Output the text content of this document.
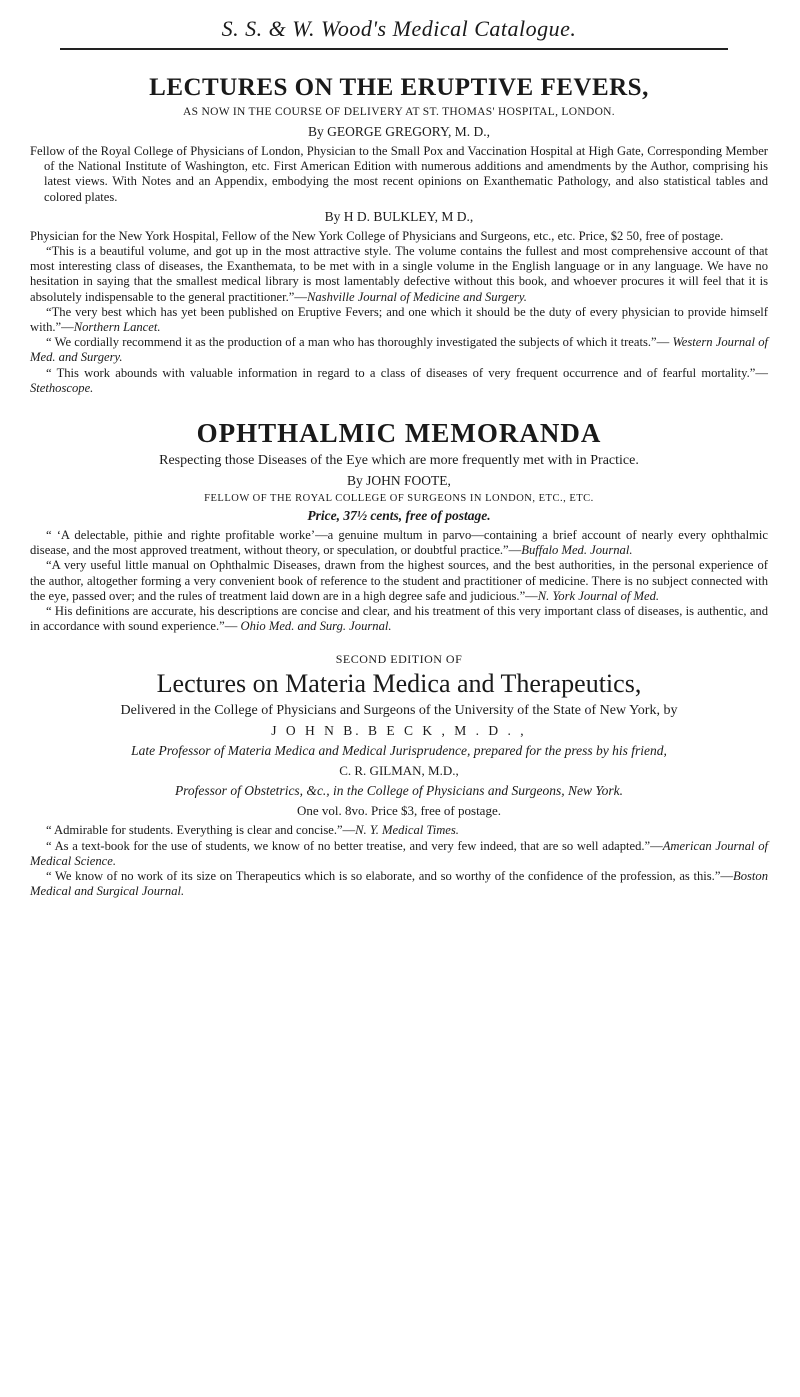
S. S. & W. Wood's Medical Catalogue.
LECTURES ON THE ERUPTIVE FEVERS,
AS NOW IN THE COURSE OF DELIVERY AT ST. THOMAS' HOSPITAL, LONDON.
By GEORGE GREGORY, M. D.,

Fellow of the Royal College of Physicians of London, Physician to the Small Pox and Vaccination Hospital at High Gate, Corresponding Member of the National Institute of Washington, etc. First American Edition with numerous additions and amendments by the Author, comprising his latest views. With Notes and an Appendix, embodying the most recent opinions on Exanthematic Pathology, and also statistical tables and colored plates.

By H D. BULKLEY, M D.,

Physician for the New York Hospital, Fellow of the New York College of Physicians and Surgeons, etc., etc. Price, $2 50, free of postage.

“This is a beautiful volume, and got up in the most attractive style. The volume contains the fullest and most comprehensive account of that most interesting class of diseases, the Exanthemata, to be met with in a single volume in the English language or in any language. We have no hesitation in saying that the smallest medical library is most lamentably defective without this book, and whoever procures it will feel that it is absolutely indispensable to the general practitioner.”—Nashville Journal of Medicine and Surgery.

“The very best which has yet been published on Eruptive Fevers; and one which it should be the duty of every physician to provide himself with.”—Northern Lancet.

“ We cordially recommend it as the production of a man who has thoroughly investigated the subjects of which it treats.”— Western Journal of Med. and Surgery.

“ This work abounds with valuable information in regard to a class of diseases of very frequent occurrence and of fearful mortality.”—Stethoscope.

OPHTHALMIC MEMORANDA
Respecting those Diseases of the Eye which are more frequently met with in Practice.
By JOHN FOOTE,
FELLOW OF THE ROYAL COLLEGE OF SURGEONS IN LONDON, ETC., ETC.
Price, 37½ cents, free of postage.

“ ‘A delectable, pithie and righte profitable worke’—a genuine multum in parvo—containing a brief account of nearly every ophthalmic disease, and the most approved treatment, without theory, or speculation, or doubtful practice.”—Buffalo Med. Journal.

“A very useful little manual on Ophthalmic Diseases, drawn from the highest sources, and the best authorities, in the personal experience of the author, altogether forming a very convenient book of reference to the student and practitioner of medicine. There is no subject connected with the eye, passed over; and the rules of treatment laid down are in a high degree safe and judicious.”—N. York Journal of Med.

“ His definitions are accurate, his descriptions are concise and clear, and his treatment of this very important class of diseases, is authentic, and in accordance with sound experience.”— Ohio Med. and Surg. Journal.

SECOND EDITION OF
Lectures on Materia Medica and Therapeutics,
Delivered in the College of Physicians and Surgeons of the University of the State of New York, by
J O H N B. B E C K , M . D . ,
Late Professor of Materia Medica and Medical Jurisprudence, prepared for the press by his friend,
C. R. GILMAN, M.D.,
Professor of Obstetrics, &c., in the College of Physicians and Surgeons, New York.
One vol. 8vo. Price $3, free of postage.

“ Admirable for students. Everything is clear and concise.”—N. Y. Medical Times.

“ As a text-book for the use of students, we know of no better treatise, and very few indeed, that are so well adapted.”—American Journal of Medical Science.

“ We know of no work of its size on Therapeutics which is so elaborate, and so worthy of the confidence of the profession, as this.”—Boston Medical and Surgical Journal.
